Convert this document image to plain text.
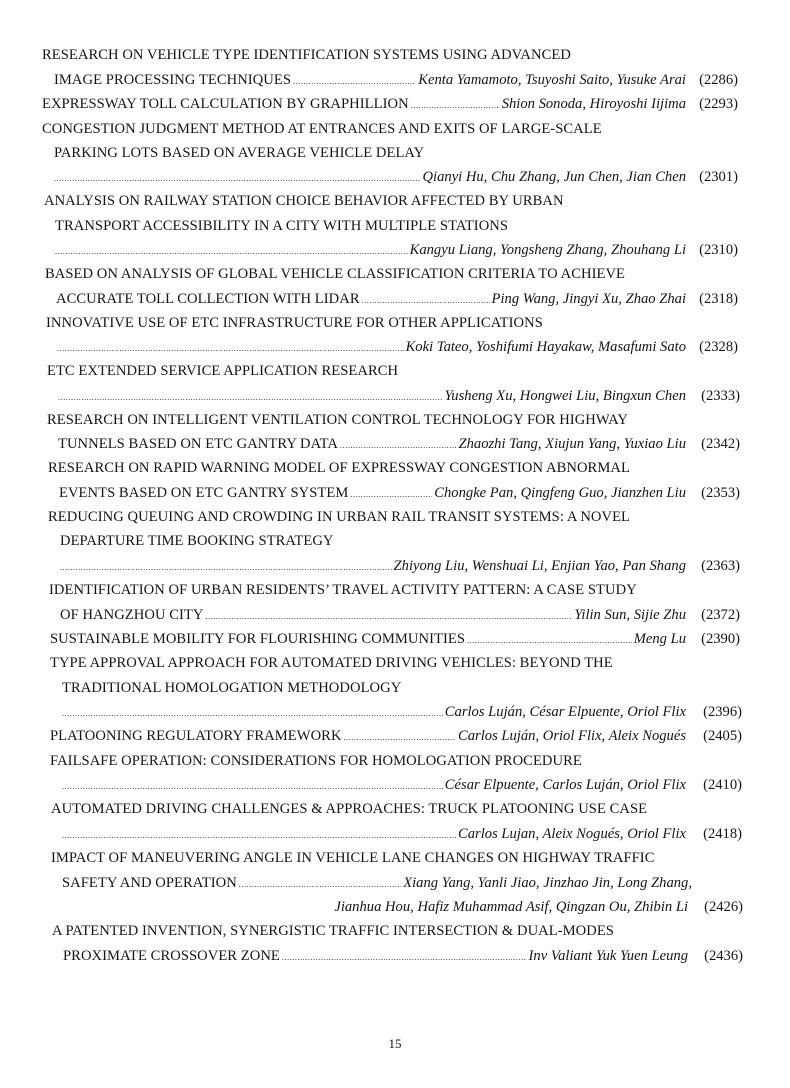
RESEARCH ON VEHICLE TYPE IDENTIFICATION SYSTEMS USING ADVANCED
IMAGE PROCESSING TECHNIQUES .....	Kenta Yamamoto, Tsuyoshi Saito, Yusuke Arai (2286)
EXPRESSWAY TOLL CALCULATION BY GRAPHILLION .....	Shion Sonoda, Hiroyoshi Iijima (2293)
CONGESTION JUDGMENT METHOD AT ENTRANCES AND EXITS OF LARGE-SCALE
PARKING LOTS BASED ON AVERAGE VEHICLE DELAY
.....
Qianyi Hu, Chu Zhang, Jun Chen, Jian Chen (2301)
ANALYSIS ON RAILWAY STATION CHOICE BEHAVIOR AFFECTED BY URBAN
TRANSPORT ACCESSIBILITY IN A CITY WITH MULTIPLE STATIONS
.....
Kangyu Liang, Yongsheng Zhang, Zhouhang Li (2310)
BASED ON ANALYSIS OF GLOBAL VEHICLE CLASSIFICATION CRITERIA TO ACHIEVE
ACCURATE TOLL COLLECTION WITH LIDAR .....	Ping Wang, Jingyi Xu, Zhao Zhai (2318)
INNOVATIVE USE OF ETC INFRASTRUCTURE FOR OTHER APPLICATIONS
.....
Koki Tateo, Yoshifumi Hayakaw, Masafumi Sato (2328)
ETC EXTENDED SERVICE APPLICATION RESEARCH
.....
Yusheng Xu, Hongwei Liu, Bingxun Chen	(2333)
RESEARCH ON INTELLIGENT VENTILATION CONTROL TECHNOLOGY FOR HIGHWAY
TUNNELS BASED ON ETC GANTRY DATA .....	Zhaozhi Tang, Xiujun Yang, Yuxiao Liu	(2342)
RESEARCH ON RAPID WARNING MODEL OF EXPRESSWAY CONGESTION ABNORMAL
EVENTS BASED ON ETC GANTRY SYSTEM .....	Chongke Pan, Qingfeng Guo, Jianzhen Liu	(2353)
REDUCING QUEUING AND CROWDING IN URBAN RAIL TRANSIT SYSTEMS: A NOVEL
DEPARTURE TIME BOOKING STRATEGY
.....
Zhiyong Liu, Wenshuai Li, Enjian Yao, Pan Shang	(2363)
IDENTIFICATION OF URBAN RESIDENTS’ TRAVEL ACTIVITY PATTERN: A CASE STUDY
OF HANGZHOU CITY .....	Yilin Sun, Sijie Zhu	(2372)
SUSTAINABLE MOBILITY FOR FLOURISHING COMMUNITIES .....	Meng Lu	(2390)
TYPE APPROVAL APPROACH FOR AUTOMATED DRIVING VEHICLES: BEYOND THE
TRADITIONAL HOMOLOGATION METHODOLOGY
.....
Carlos Luján, César Elpuente, Oriol Flix	(2396)
PLATOONING REGULATORY FRAMEWORK .....	Carlos Luján, Oriol Flix, Aleix Nogués	(2405)
FAILSAFE OPERATION: CONSIDERATIONS FOR HOMOLOGATION PROCEDURE
.....
César Elpuente, Carlos Luján, Oriol Flix	(2410)
AUTOMATED DRIVING CHALLENGES & APPROACHES: TRUCK PLATOONING USE CASE
.....
Carlos Lujan, Aleix Nogués, Oriol Flix	(2418)
IMPACT OF MANEUVERING ANGLE IN VEHICLE LANE CHANGES ON HIGHWAY TRAFFIC
SAFETY AND OPERATION .....	Xiang Yang, Yanli Jiao, Jinzhao Jin, Long Zhang,
Jianhua Hou, Hafiz Muhammad Asif, Qingzan Ou, Zhibin Li	(2426)
A PATENTED INVENTION, SYNERGISTIC TRAFFIC INTERSECTION & DUAL-MODES
PROXIMATE CROSSOVER ZONE .....	Inv Valiant Yuk Yuen Leung	(2436)
15
